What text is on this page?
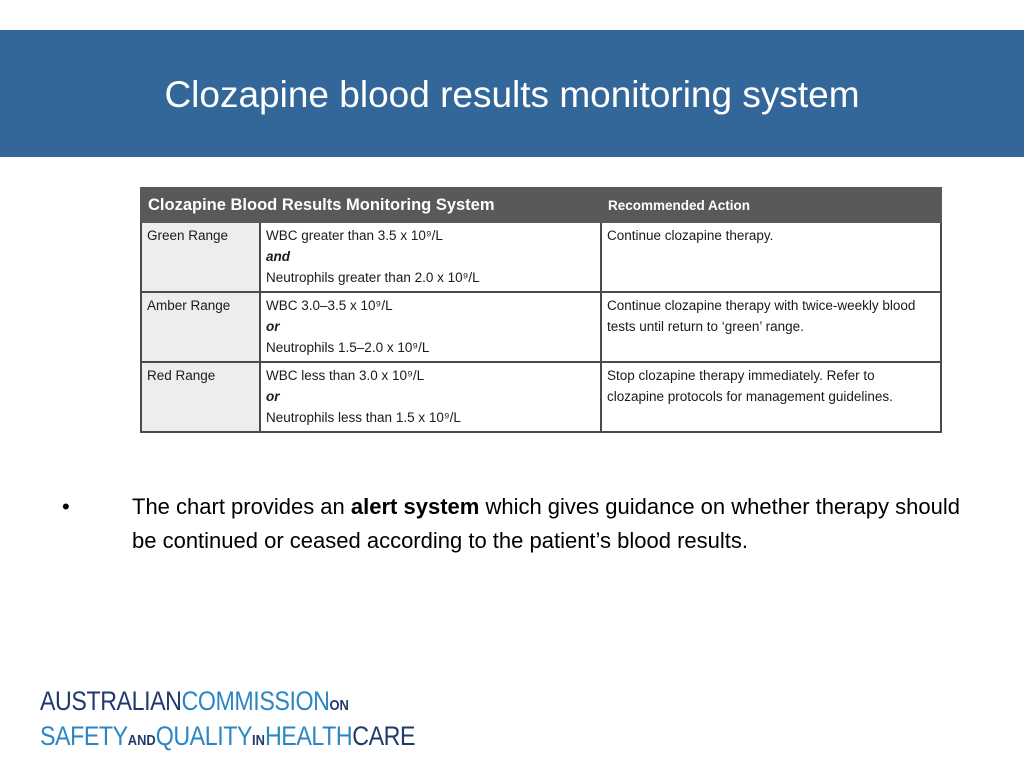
Clozapine blood results monitoring system
Clozapine Blood Results Monitoring System		Recommended Action
Green Range	WBC greater than 3.5 x 10⁹/L
and
Neutrophils greater than 2.0 x 10⁹/L	Continue clozapine therapy.
Amber Range	WBC 3.0–3.5 x 10⁹/L
or
Neutrophils 1.5–2.0 x 10⁹/L	Continue clozapine therapy with twice-weekly blood tests until return to ‘green’ range.
Red Range	WBC less than 3.0 x 10⁹/L
or
Neutrophils less than 1.5 x 10⁹/L	Stop clozapine therapy immediately. Refer to clozapine protocols for management guidelines.
•	The chart provides an alert system which gives guidance on whether therapy should be continued or ceased according to the patient’s blood results.
AUSTRALIANCOMMISSIONON
SAFETYANDQUALITYINHEALTHCARE
